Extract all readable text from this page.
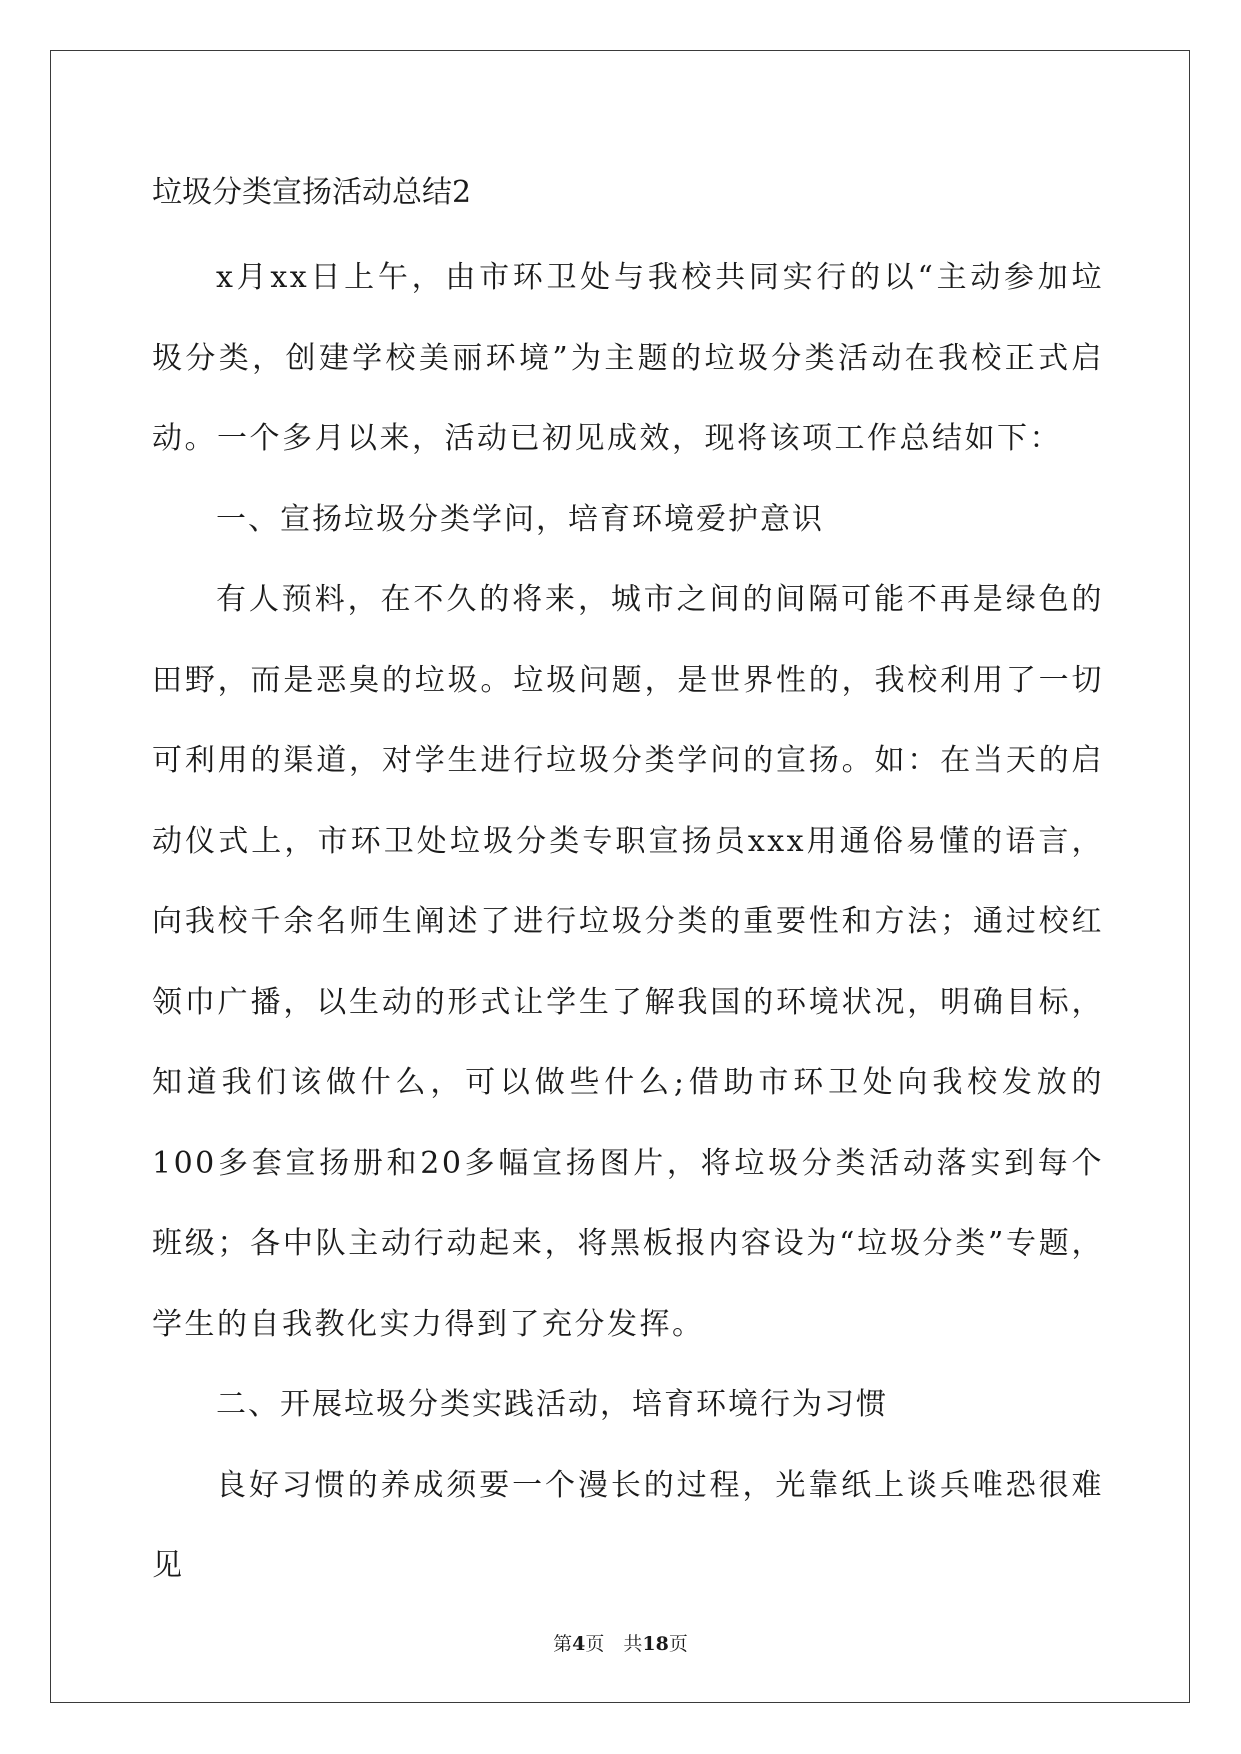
垃圾分类宣扬活动总结2

x月xx日上午，由市环卫处与我校共同实行的以“主动参加垃圾分类，创建学校美丽环境”为主题的垃圾分类活动在我校正式启动。一个多月以来，活动已初见成效，现将该项工作总结如下：

一、宣扬垃圾分类学问，培育环境爱护意识

有人预料，在不久的将来，城市之间的间隔可能不再是绿色的田野，而是恶臭的垃圾。垃圾问题，是世界性的，我校利用了一切可利用的渠道，对学生进行垃圾分类学问的宣扬。如：在当天的启动仪式上，市环卫处垃圾分类专职宣扬员xxx用通俗易懂的语言，向我校千余名师生阐述了进行垃圾分类的重要性和方法；通过校红领巾广播，以生动的形式让学生了解我国的环境状况，明确目标，知道我们该做什么，可以做些什么;借助市环卫处向我校发放的100多套宣扬册和20多幅宣扬图片，将垃圾分类活动落实到每个班级；各中队主动行动起来，将黑板报内容设为“垃圾分类”专题，学生的自我教化实力得到了充分发挥。

二、开展垃圾分类实践活动，培育环境行为习惯

良好习惯的养成须要一个漫长的过程，光靠纸上谈兵唯恐很难见

第4页　共18页
